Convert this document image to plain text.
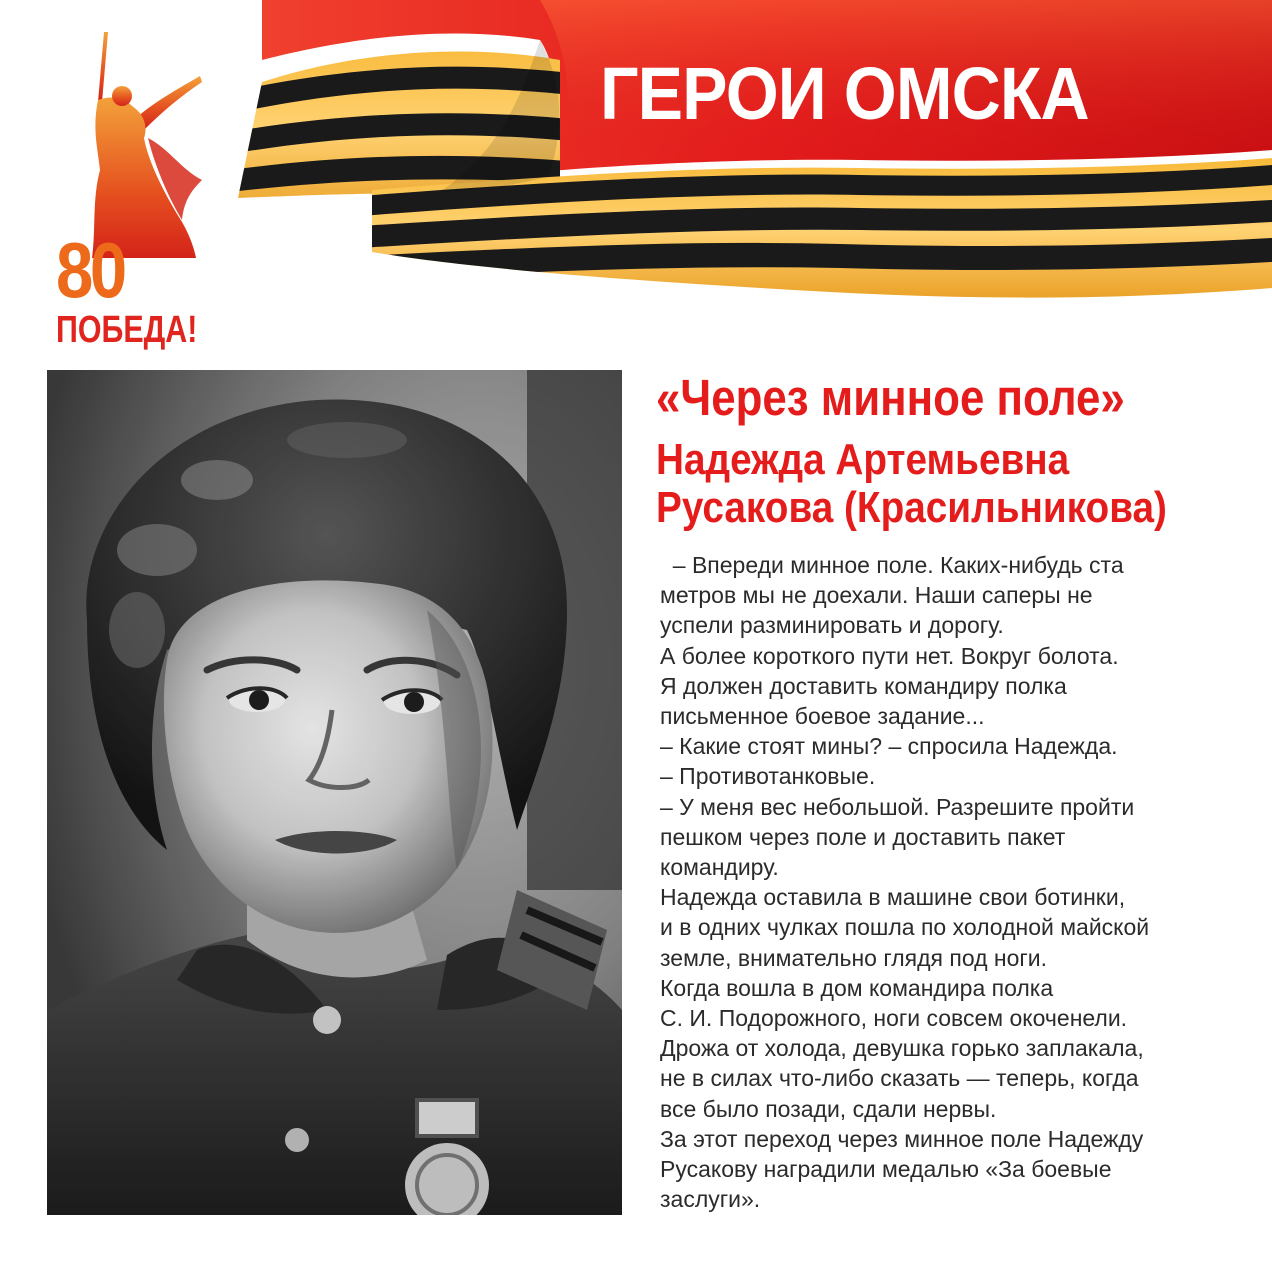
ГЕРОИ ОМСКА
80
ПОБЕДА!
«Через минное поле»
Надежда Артемьевна
Русакова (Красильникова)
– Впереди минное поле. Каких-нибудь ста
метров мы не доехали. Наши саперы не
успели разминировать и дорогу.
А более короткого пути нет. Вокруг болота.
Я должен доставить командиру полка
письменное боевое задание...
– Какие стоят мины? – спросила Надежда.
– Противотанковые.
– У меня вес небольшой. Разрешите пройти
пешком через поле и доставить пакет
командиру.
Надежда оставила в машине свои ботинки,
и в одних чулках пошла по холодной майской
земле, внимательно глядя под ноги.
Когда вошла в дом командира полка
С. И. Подорожного, ноги совсем окоченели.
Дрожа от холода, девушка горько заплакала,
не в силах что-либо сказать — теперь, когда
все было позади, сдали нервы.
За этот переход через минное поле Надежду
Русакову наградили медалью «За боевые
заслуги».
